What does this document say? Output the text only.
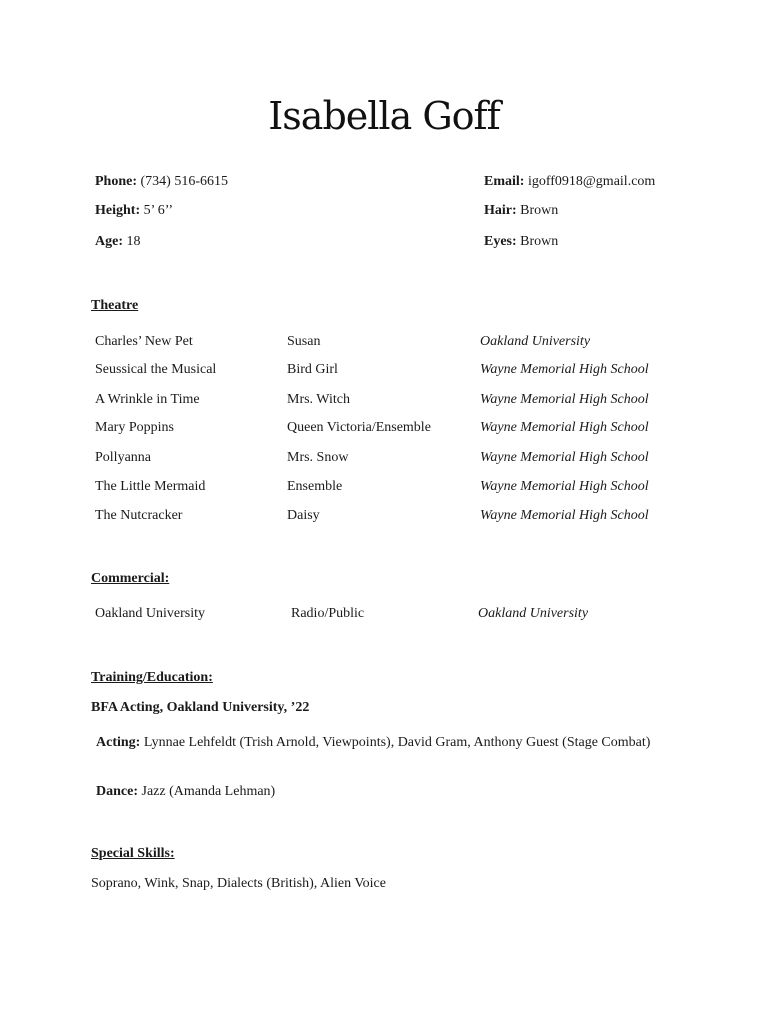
Isabella Goff
Phone: (734) 516-6615	Email: igoff0918@gmail.com
Height: 5’ 6’’	Hair: Brown
Age: 18	Eyes: Brown
Theatre
Charles’ New Pet	Susan	Oakland University
Seussical the Musical	Bird Girl	Wayne Memorial High School
A Wrinkle in Time	Mrs. Witch	Wayne Memorial High School
Mary Poppins	Queen Victoria/Ensemble	Wayne Memorial High School
Pollyanna	Mrs. Snow	Wayne Memorial High School
The Little Mermaid	Ensemble	Wayne Memorial High School
The Nutcracker	Daisy	Wayne Memorial High School
Commercial:
Oakland University	Radio/Public	Oakland University
Training/Education:
BFA Acting, Oakland University, ’22
Acting: Lynnae Lehfeldt (Trish Arnold, Viewpoints), David Gram, Anthony Guest (Stage Combat)
Dance: Jazz (Amanda Lehman)
Special Skills:
Soprano, Wink, Snap, Dialects (British), Alien Voice
